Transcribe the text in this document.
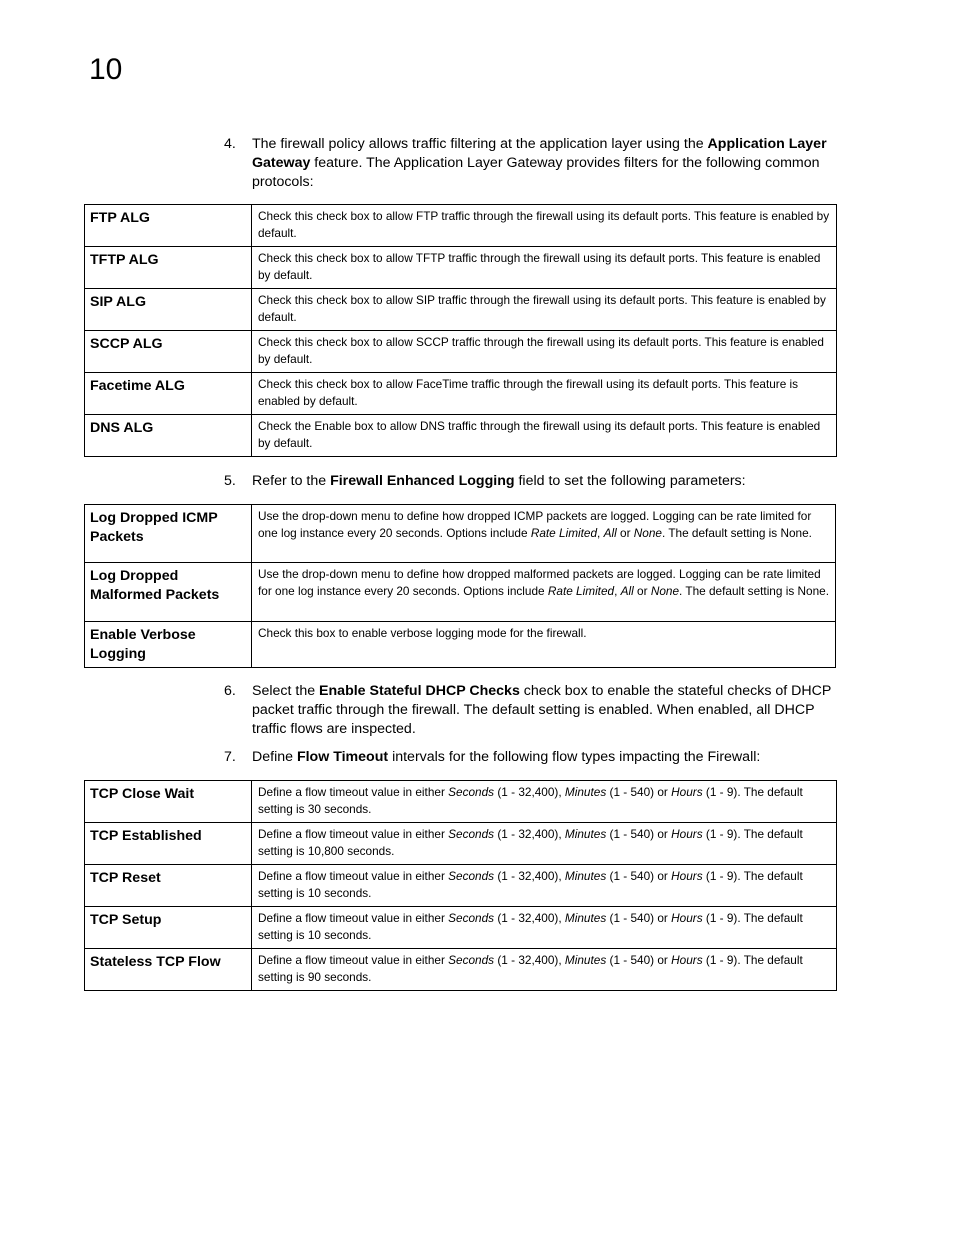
10
4.	The firewall policy allows traffic filtering at the application layer using the Application Layer Gateway feature. The Application Layer Gateway provides filters for the following common protocols:
FTP ALG	Check this check box to allow FTP traffic through the firewall using its default ports. This feature is enabled by default.
TFTP ALG	Check this check box to allow TFTP traffic through the firewall using its default ports. This feature is enabled by default.
SIP ALG	Check this check box to allow SIP traffic through the firewall using its default ports. This feature is enabled by default.
SCCP ALG	Check this check box to allow SCCP traffic through the firewall using its default ports. This feature is enabled by default.
Facetime ALG	Check this check box to allow FaceTime traffic through the firewall using its default ports. This feature is enabled by default.
DNS ALG	Check the Enable box to allow DNS traffic through the firewall using its default ports. This feature is enabled by default.
5.	Refer to the Firewall Enhanced Logging field to set the following parameters:
Log Dropped ICMP Packets	Use the drop-down menu to define how dropped ICMP packets are logged. Logging can be rate limited for one log instance every 20 seconds. Options include Rate Limited, All or None. The default setting is None.
Log Dropped Malformed Packets	Use the drop-down menu to define how dropped malformed packets are logged. Logging can be rate limited for one log instance every 20 seconds. Options include Rate Limited, All or None. The default setting is None.
Enable Verbose Logging	Check this box to enable verbose logging mode for the firewall.
6.	Select the Enable Stateful DHCP Checks check box to enable the stateful checks of DHCP packet traffic through the firewall. The default setting is enabled. When enabled, all DHCP traffic flows are inspected.
7.	Define Flow Timeout intervals for the following flow types impacting the Firewall:
TCP Close Wait	Define a flow timeout value in either Seconds (1 - 32,400), Minutes (1 - 540) or Hours (1 - 9). The default setting is 30 seconds.
TCP Established	Define a flow timeout value in either Seconds (1 - 32,400), Minutes (1 - 540) or Hours (1 - 9). The default setting is 10,800 seconds.
TCP Reset	Define a flow timeout value in either Seconds (1 - 32,400), Minutes (1 - 540) or Hours (1 - 9). The default setting is 10 seconds.
TCP Setup	Define a flow timeout value in either Seconds (1 - 32,400), Minutes (1 - 540) or Hours (1 - 9). The default setting is 10 seconds.
Stateless TCP Flow	Define a flow timeout value in either Seconds (1 - 32,400), Minutes (1 - 540) or Hours (1 - 9). The default setting is 90 seconds.
